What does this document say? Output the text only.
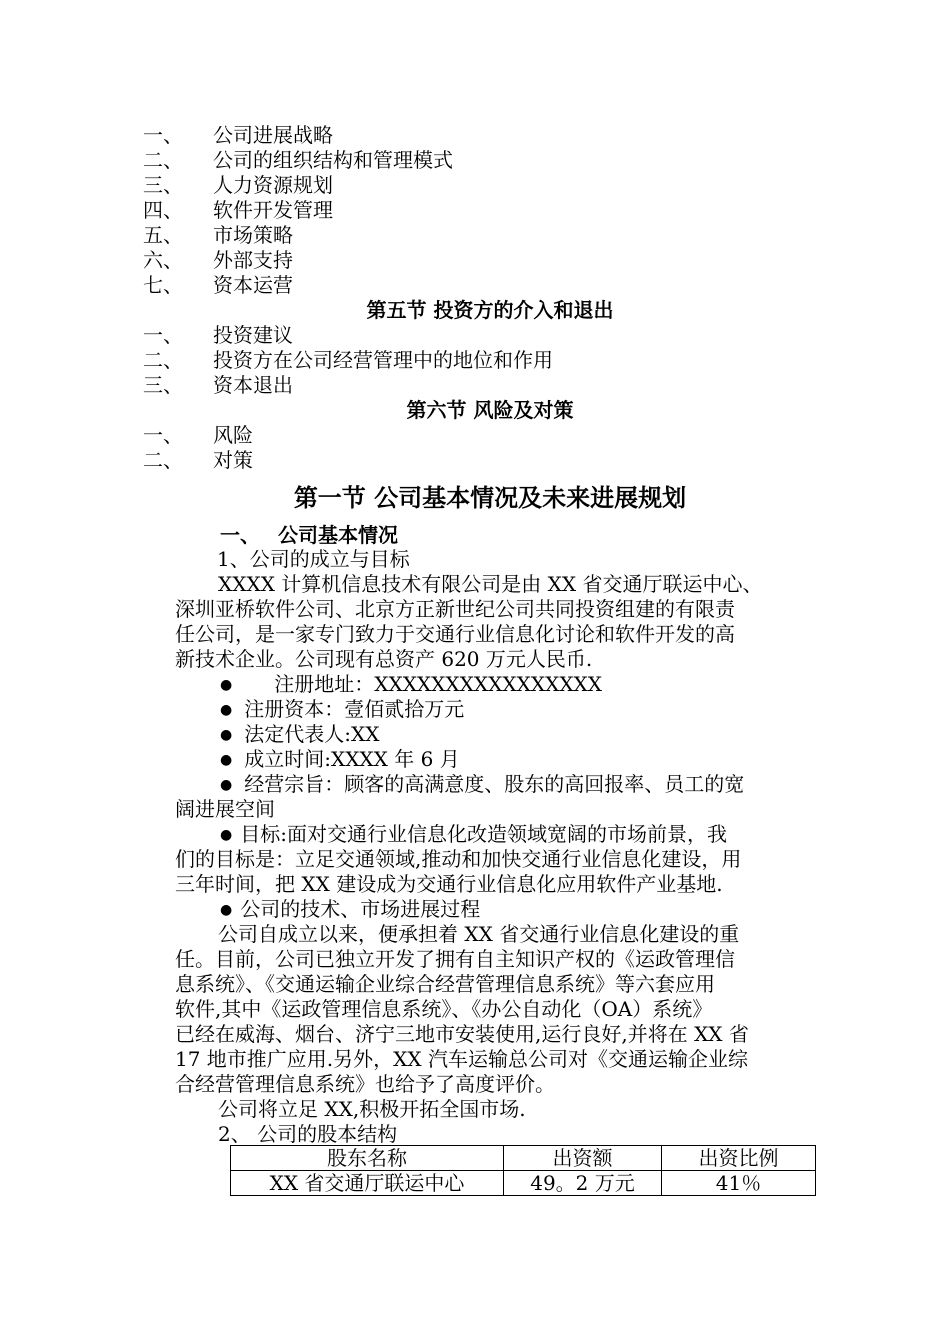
一、 公司进展战略
二、 公司的组织结构和管理模式
三、 人力资源规划
四、 软件开发管理
五、 市场策略
六、 外部支持
七、 资本运营
第五节 投资方的介入和退出
一、 投资建议
二、 投资方在公司经营管理中的地位和作用
三、 资本退出
第六节 风险及对策
一、 风险
二、 对策
第一节 公司基本情况及未来进展规划
一、 公司基本情况
1、公司的成立与目标

XXXX 计算机信息技术有限公司是由 XX 省交通厅联运中心、

深圳亚桥软件公司、北京方正新世纪公司共同投资组建的有限责

任公司，是一家专门致力于交通行业信息化讨论和软件开发的高

新技术企业。公司现有总资产 620 万元人民币.

● 注册地址：XXXXXXXXXXXXXXXX
● 注册资本：壹佰贰拾万元
● 法定代表人:XX
● 成立时间:XXXX 年 6 月
● 经营宗旨：顾客的高满意度、股东的高回报率、员工的宽
阔进展空间
● 目标:面对交通行业信息化改造领域宽阔的市场前景，我
们的目标是：立足交通领域,推动和加快交通行业信息化建设，用
三年时间，把 XX 建设成为交通行业信息化应用软件产业基地.
● 公司的技术、市场进展过程

公司自成立以来，便承担着 XX 省交通行业信息化建设的重

任。目前，公司已独立开发了拥有自主知识产权的《运政管理信

息系统》、《交通运输企业综合经营管理信息系统》等六套应用

软件,其中《运政管理信息系统》、《办公自动化（OA）系统》

已经在威海、烟台、济宁三地市安装使用,运行良好,并将在 XX 省

17 地市推广应用.另外，XX 汽车运输总公司对《交通运输企业综

合经营管理信息系统》也给予了高度评价。

公司将立足 XX,积极开拓全国市场.
2、 公司的股本结构
股东名称	出资额	出资比例
XX 省交通厅联运中心	49。2 万元	41％
